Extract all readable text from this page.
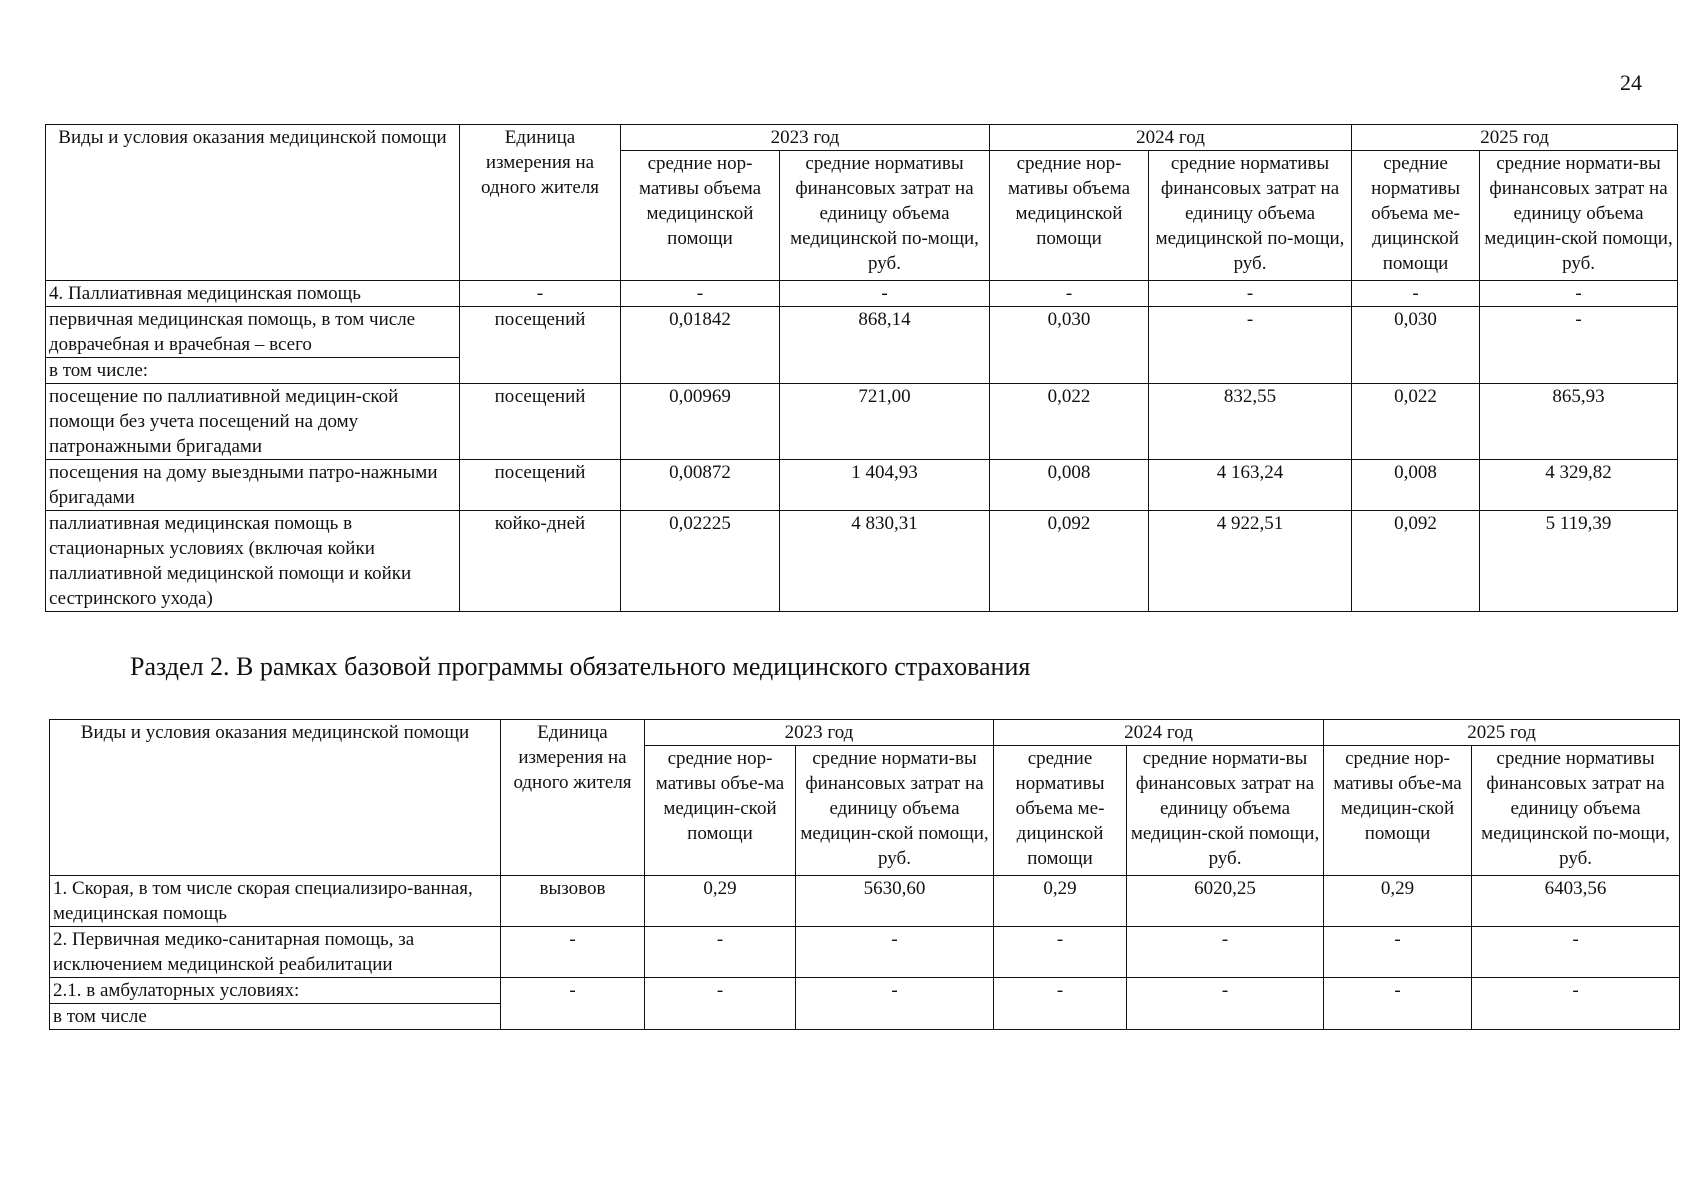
24
Виды и условия оказания медицинской помощи	Единица измерения на одного жителя	2023 год		2024 год		2025 год	
		средние нор-мативы объема медицинской помощи	средние нормативы финансовых затрат на единицу объема медицинской по-мощи, руб.	средние нор-мативы объема медицинской помощи	средние нормативы финансовых затрат на единицу объема медицинской по-мощи, руб.	средние нормативы объема ме-дицинской помощи	средние нормати-вы финансовых затрат на единицу объема медицин-ской помощи, руб.
4. Паллиативная медицинская помощь	-	-	-	-	-	-	-
первичная медицинская помощь, в том числе доврачебная и врачебная – всего	посещений	0,01842	868,14	0,030	-	0,030	-
в том числе:							
посещение по паллиативной медицин-ской помощи без учета посещений на дому патронажными бригадами	посещений	0,00969	721,00	0,022	832,55	0,022	865,93
посещения на дому выездными патро-нажными бригадами	посещений	0,00872	1 404,93	0,008	4 163,24	0,008	4 329,82
паллиативная медицинская помощь в стационарных условиях (включая койки паллиативной медицинской помощи и койки сестринского ухода)	койко-дней	0,02225	4 830,31	0,092	4 922,51	0,092	5 119,39
Раздел 2. В рамках базовой программы обязательного медицинского страхования
Виды и условия оказания медицинской помощи	Единица измерения на одного жителя	2023 год		2024 год		2025 год	
		средние нор-мативы объе-ма медицин-ской помощи	средние нормати-вы финансовых затрат на единицу объема медицин-ской помощи, руб.	средние нормативы объема ме-дицинской помощи	средние нормати-вы финансовых затрат на единицу объема медицин-ской помощи, руб.	средние нор-мативы объе-ма медицин-ской помощи	средние нормативы финансовых затрат на единицу объема медицинской по-мощи, руб.
1. Скорая, в том числе скорая специализиро-ванная, медицинская помощь	вызовов	0,29	5630,60	0,29	6020,25	0,29	6403,56
2. Первичная медико-санитарная помощь, за исключением медицинской реабилитации	-	-	-	-	-	-	-
2.1. в амбулаторных условиях:	-	-	-	-	-	-	-
в том числе							
